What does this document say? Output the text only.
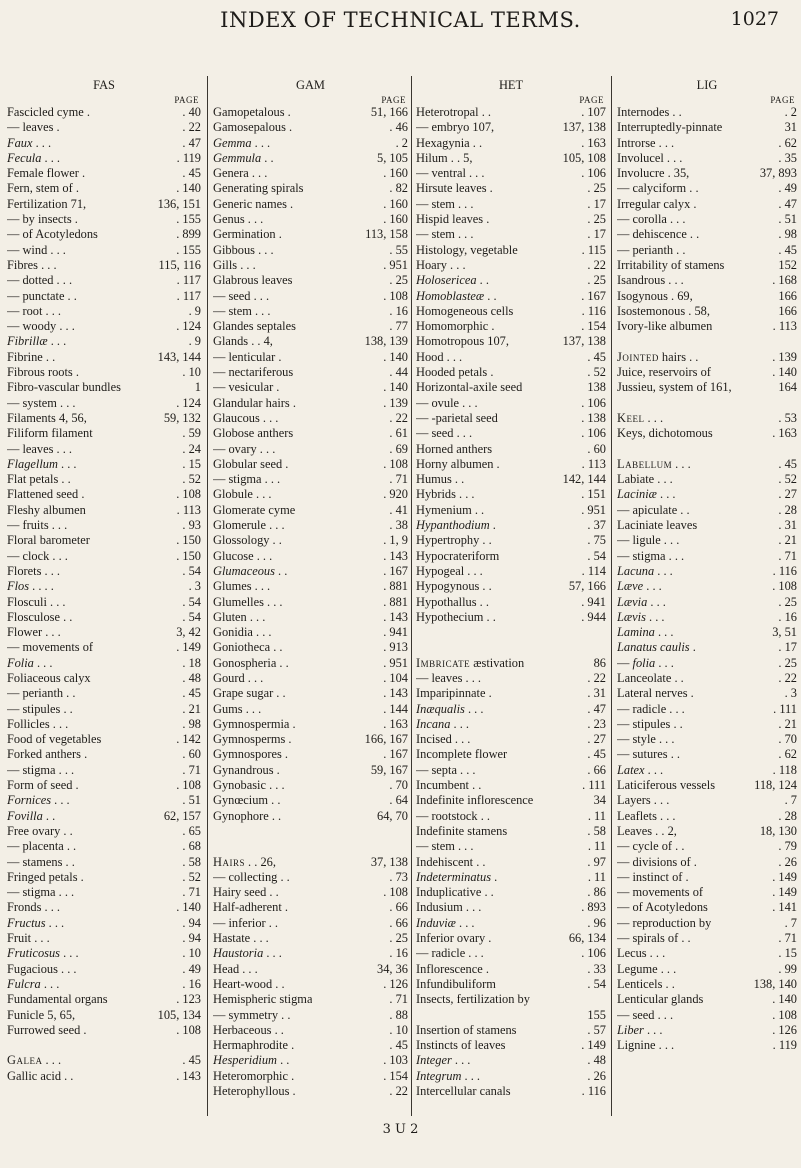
INDEX OF TECHNICAL TERMS.	1027
FAS
PAGE
Fascicled cyme .	. 40
— leaves .	. 22
Faux . . .	. 47
Fecula . . .	. 119
Female flower .	. 45
Fern, stem of .	. 140
Fertilization 71,	136, 151
— by insects .	. 155
— of Acotyledons	. 899
— wind . . .	. 155
Fibres . . .	115, 116
— dotted . . .	. 117
— punctate . .	. 117
— root . . .	. 9
— woody . . .	. 124
Fibrillæ . . .	. 9
Fibrine . .	143, 144
Fibrous roots .	. 10
Fibro-vascular bundles	1
— system . . .	. 124
Filaments 4, 56,	59, 132
Filiform filament	. 59
— leaves . . .	. 24
Flagellum . . .	. 15
Flat petals . .	. 52
Flattened seed .	. 108
Fleshy albumen	. 113
— fruits . . .	. 93
Floral barometer	. 150
— clock . . .	. 150
Florets . . .	. 54
Flos . . . .	. 3
Flosculi . . .	. 54
Flosculose . .	. 54
Flower . . .	3, 42
— movements of	. 149
Folia . . .	. 18
Foliaceous calyx	. 48
— perianth . .	. 45
— stipules . .	. 21
Follicles . . .	. 98
Food of vegetables	. 142
Forked anthers .	. 60
— stigma . . .	. 71
Form of seed .	. 108
Fornices . . .	. 51
Fovilla . .	62, 157
Free ovary . .	. 65
— placenta . .	. 68
— stamens . .	. 58
Fringed petals .	. 52
— stigma . . .	. 71
Fronds . . .	. 140
Fructus . . .	. 94
Fruit . . .	. 94
Fruticosus . . .	. 10
Fugacious . . .	. 49
Fulcra . . .	. 16
Fundamental organs	. 123
Funicle 5, 65,	105, 134
Furrowed seed .	. 108
Galea . . .	. 45
Gallic acid . .	. 143
GAM
PAGE
Gamopetalous .	51, 166
Gamosepalous .	. 46
Gemma . . .	. 2
Gemmula . .	5, 105
Genera . . .	. 160
Generating spirals	. 82
Generic names .	. 160
Genus . . .	. 160
Germination .	113, 158
Gibbous . . .	. 55
Gills . . .	. 951
Glabrous leaves	. 25
— seed . . .	. 108
— stem . . .	. 16
Glandes septales	. 77
Glands . . 4,	138, 139
— lenticular .	. 140
— nectariferous	. 44
— vesicular .	. 140
Glandular hairs .	. 139
Glaucous . . .	. 22
Globose anthers	. 61
— ovary . . .	. 69
Globular seed .	. 108
— stigma . . .	. 71
Globule . . .	. 920
Glomerate cyme	. 41
Glomerule . . .	. 38
Glossology . .	. 1, 9
Glucose . . .	. 143
Glumaceous . .	. 167
Glumes . . .	. 881
Glumelles . . .	. 881
Gluten . . .	. 143
Gonidia . . .	. 941
Goniotheca . .	. 913
Gonospheria . .	. 951
Gourd . . .	. 104
Grape sugar . .	. 143
Gums . . .	. 144
Gymnospermia .	. 163
Gymnosperms .	166, 167
Gymnospores .	. 167
Gynandrous .	59, 167
Gynobasic . . .	. 70
Gynœcium . .	. 64
Gynophore . .	64, 70
Hairs . . 26,	37, 138
— collecting . .	. 73
Hairy seed . .	. 108
Half-adherent .	. 66
— inferior . .	. 66
Hastate . . .	. 25
Haustoria . . .	. 16
Head . . .	34, 36
Heart-wood . .	. 126
Hemispheric stigma	. 71
— symmetry . .	. 88
Herbaceous . .	. 10
Hermaphrodite .	. 45
Hesperidium . .	. 103
Heteromorphic .	. 154
Heterophyllous .	. 22
HET
PAGE
Heterotropal . .	. 107
— embryo 107,	137, 138
Hexagynia . .	. 163
Hilum . . 5,	105, 108
— ventral . . .	. 106
Hirsute leaves .	. 25
— stem . . .	. 17
Hispid leaves .	. 25
— stem . . .	. 17
Histology, vegetable	. 115
Hoary . . .	. 22
Holosericea . .	. 25
Homoblasteæ . .	. 167
Homogeneous cells	. 116
Homomorphic .	. 154
Homotropous 107,	137, 138
Hood . . .	. 45
Hooded petals .	. 52
Horizontal-axile seed	138
— ovule . . .	. 106
— -parietal seed	. 138
— seed . . .	. 106
Horned anthers	. 60
Horny albumen .	. 113
Humus . .	142, 144
Hybrids . . .	. 151
Hymenium . .	. 951
Hypanthodium .	. 37
Hypertrophy . .	. 75
Hypocrateriform	. 54
Hypogeal . . .	. 114
Hypogynous . .	57, 166
Hypothallus . .	. 941
Hypothecium . .	. 944
Imbricate æstivation	86
— leaves . . .	. 22
Imparipinnate .	. 31
Inæqualis . . .	. 47
Incana . . .	. 23
Incised . . .	. 27
Incomplete flower	. 45
— septa . . .	. 66
Incumbent . .	. 111
Indefinite inflorescence	34
— rootstock . .	. 11
Indefinite stamens	. 58
— stem . . .	. 11
Indehiscent . .	. 97
Indeterminatus .	. 11
Induplicative . .	. 86
Indusium . . .	. 893
Induviæ . . .	. 96
Inferior ovary .	66, 134
— radicle . . .	. 106
Inflorescence .	. 33
Infundibuliform	. 54
Insects, fertilization by
155
Insertion of stamens	. 57
Instincts of leaves	. 149
Integer . . .	. 48
Integrum . . .	. 26
Intercellular canals	. 116
LIG
PAGE
Internodes . .	. 2
Interruptedly-pinnate	31
Introrse . . .	. 62
Involucel . . .	. 35
Involucre . 35,	37, 893
— calyciform . .	. 49
Irregular calyx .	. 47
— corolla . . .	. 51
— dehiscence . .	. 98
— perianth . .	. 45
Irritability of stamens	152
Isandrous . . .	. 168
Isogynous . 69,	166
Isostemonous . 58,	166
Ivory-like albumen	. 113
Jointed hairs . .	. 139
Juice, reservoirs of	. 140
Jussieu, system of 161,	164
Keel . . .	. 53
Keys, dichotomous	. 163
Labellum . . .	. 45
Labiate . . .	. 52
Laciniæ . . .	. 27
— apiculate . .	. 28
Laciniate leaves	. 31
— ligule . . .	. 21
— stigma . . .	. 71
Lacuna . . .	. 116
Læve . . .	. 108
Lævia . . .	. 25
Lævis . . .	. 16
Lamina . . .	3, 51
Lanatus caulis .	. 17
— folia . . .	. 25
Lanceolate . .	. 22
Lateral nerves .	. 3
— radicle . . .	. 111
— stipules . .	. 21
— style . . .	. 70
— sutures . .	. 62
Latex . . .	. 118
Laticiferous vessels	118, 124
Layers . . .	. 7
Leaflets . . .	. 28
Leaves . . 2,	18, 130
— cycle of . .	. 79
— divisions of .	. 26
— instinct of .	. 149
— movements of	. 149
— of Acotyledons	. 141
— reproduction by	. 7
— spirals of . .	. 71
Lecus . . .	. 15
Legume . . .	. 99
Lenticels . .	138, 140
Lenticular glands	. 140
— seed . . .	. 108
Liber . . .	. 126
Lignine . . .	. 119
3 U 2
